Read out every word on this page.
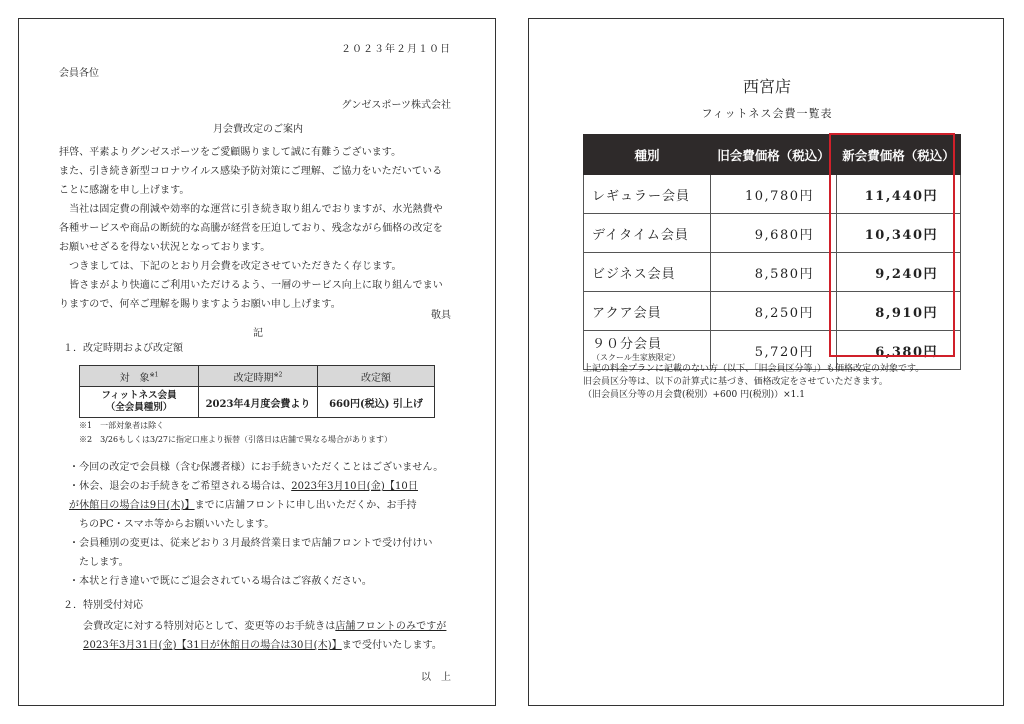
２０２３年２月１０日
会員各位
グンゼスポーツ株式会社
月会費改定のご案内
拝啓、平素よりグンゼスポーツをご愛顧賜りまして誠に有難うございます。
また、引き続き新型コロナウイルス感染予防対策にご理解、ご協力をいただいている
ことに感謝を申し上げます。
　当社は固定費の削減や効率的な運営に引き続き取り組んでおりますが、水光熱費や
各種サービスや商品の断続的な高騰が経営を圧迫しており、残念ながら価格の改定を
お願いせざるを得ない状況となっております。
　つきましては、下記のとおり月会費を改定させていただきたく存じます。
　皆さまがより快適にご利用いただけるよう、一層のサービス向上に取り組んでまい
りますので、何卒ご理解を賜りますようお願い申し上げます。
敬具
記
１．改定時期および改定額
対　象$^{※1}$	改定時期$^{※2}$	改定額

フィットネス会員
（全会員種別）	2023年4月度会費より	660円(税込) 引上げ
※1　一部対象者は除く
※2　3/26もしくは3/27に指定口座より振替（引落日は店舗で異なる場合があります）
・今回の改定で会員様（含む保護者様）にお手続きいただくことはございません。
・休会、退会のお手続きをご希望される場合は、2023年3月10日(金)【10日
が休館日の場合は9日(木)】までに店舗フロントに申し出いただくか、お手持
ちのPC・スマホ等からお願いいたします。
・会員種別の変更は、従来どおり３月最終営業日まで店舗フロントで受け付けい
たします。
・本状と行き違いで既にご退会されている場合はご容赦ください。
２．特別受付対応
会費改定に対する特別対応として、変更等のお手続きは店舗フロントのみですが
2023年3月31日(金)【31日が休館日の場合は30日(木)】まで受付いたします。
以　上
西宮店
フィットネス会費一覧表
種別	旧会費価格（税込）	新会費価格（税込）
レギュラー会員	10,780円	11,440円
デイタイム会員	9,680円	10,340円
ビジネス会員	8,580円	9,240円
アクア会員	8,250円	8,910円

９０分会員
（スクール生家族限定）	5,720円	6,380円
上記の料金プランに記載のない方（以下、「旧会員区分等」）も価格改定の対象です。
旧会員区分等は、以下の計算式に基づき、価格改定をさせていただきます。
（旧会員区分等の月会費(税別）+600 円(税別)）×1.1
